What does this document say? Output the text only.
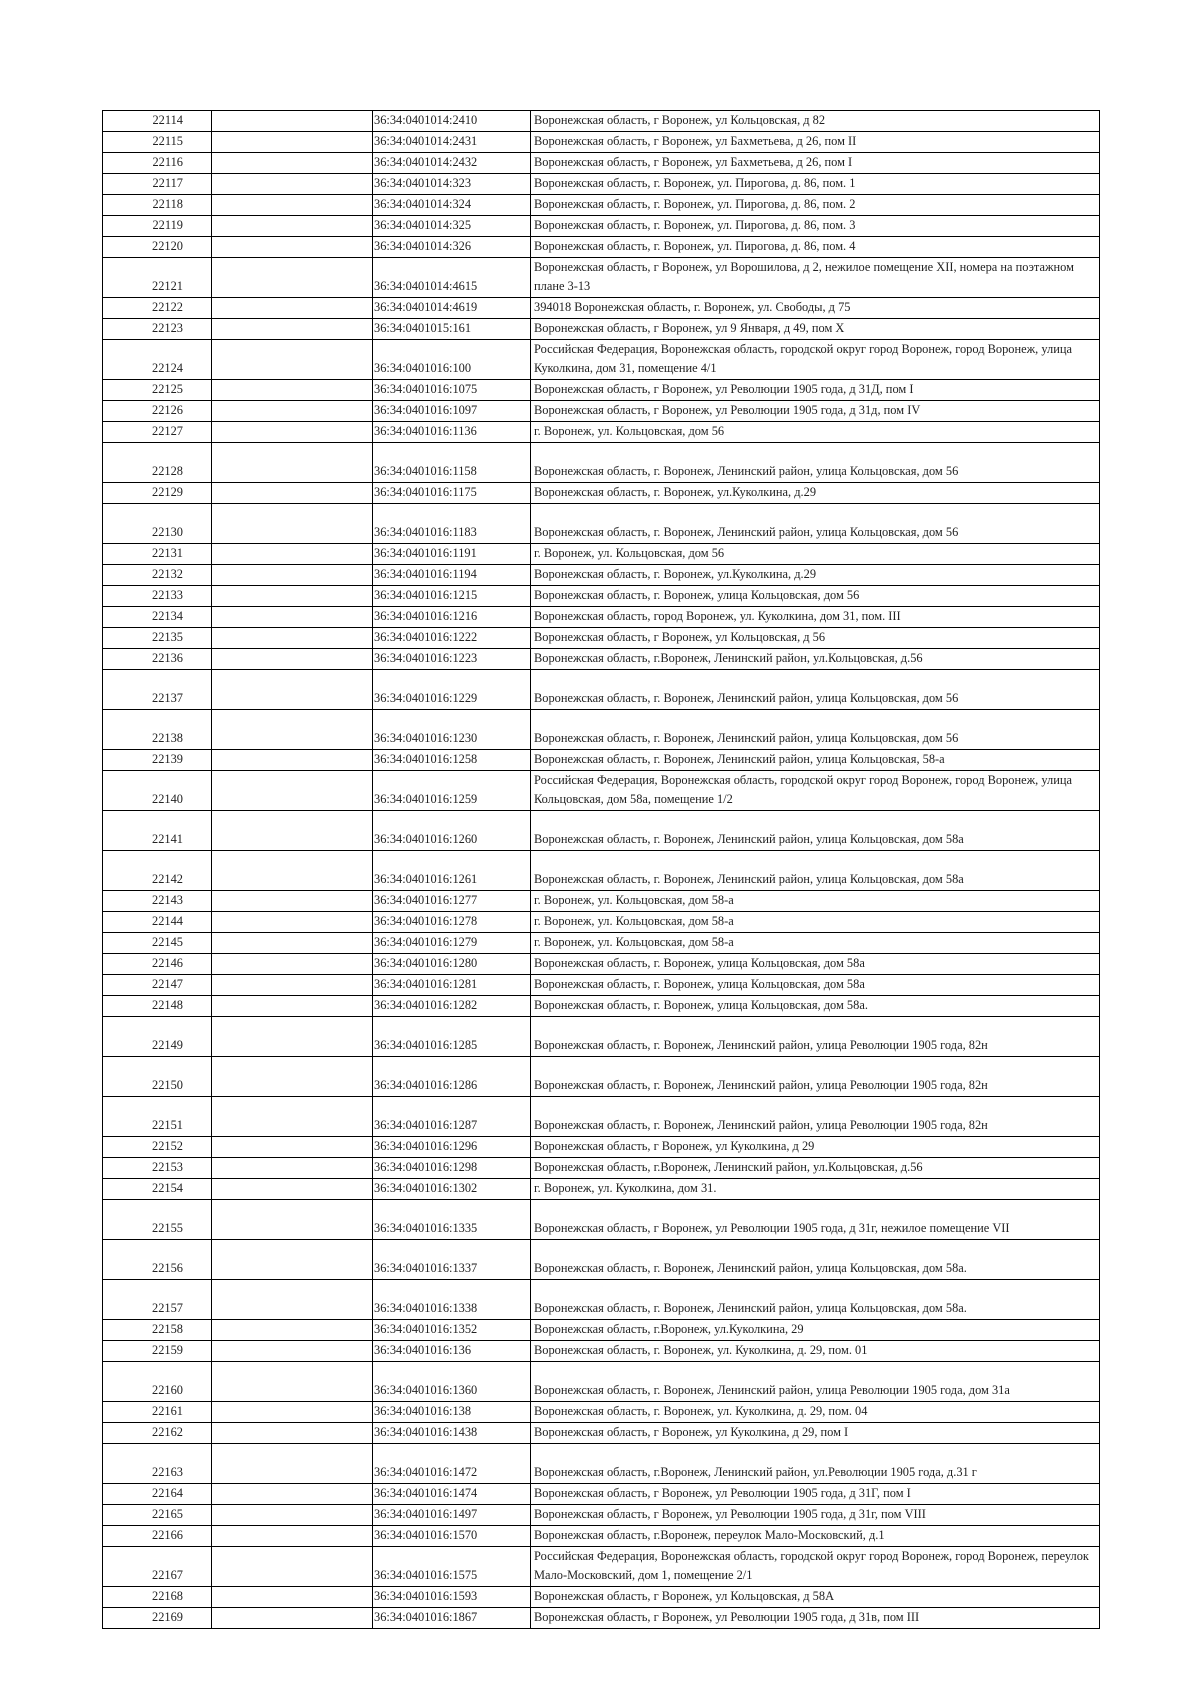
22114		36:34:0401014:2410	Воронежская область, г Воронеж, ул Кольцовская, д 82
22115		36:34:0401014:2431	Воронежская область, г Воронеж, ул Бахметьева, д 26, пом II
22116		36:34:0401014:2432	Воронежская область, г Воронеж, ул Бахметьева, д 26, пом I
22117		36:34:0401014:323	Воронежская область, г. Воронеж, ул. Пирогова, д. 86, пом. 1
22118		36:34:0401014:324	Воронежская область, г. Воронеж, ул. Пирогова, д. 86, пом. 2
22119		36:34:0401014:325	Воронежская область, г. Воронеж, ул. Пирогова, д. 86, пом. 3
22120		36:34:0401014:326	Воронежская область, г. Воронеж, ул. Пирогова, д. 86, пом. 4
22121		36:34:0401014:4615	Воронежская область, г Воронеж, ул Ворошилова, д 2, нежилое помещение XII, номера на поэтажном плане 3-13
22122		36:34:0401014:4619	394018 Воронежская область, г. Воронеж, ул. Свободы, д 75
22123		36:34:0401015:161	Воронежская область, г Воронеж, ул 9 Января, д 49, пом X
22124		36:34:0401016:100	Российская Федерация, Воронежская область, городской округ город Воронеж, город Воронеж, улица Куколкина, дом 31, помещение 4/1
22125		36:34:0401016:1075	Воронежская область, г Воронеж, ул Революции 1905 года, д 31Д, пом I
22126		36:34:0401016:1097	Воронежская область, г Воронеж, ул Революции 1905 года, д 31д, пом IV
22127		36:34:0401016:1136	г. Воронеж, ул. Кольцовская, дом 56
22128		36:34:0401016:1158	Воронежская область, г. Воронеж, Ленинский район, улица Кольцовская, дом 56
22129		36:34:0401016:1175	Воронежская область, г. Воронеж, ул.Куколкина, д.29
22130		36:34:0401016:1183	Воронежская область, г. Воронеж, Ленинский район, улица Кольцовская, дом 56
22131		36:34:0401016:1191	г. Воронеж, ул. Кольцовская, дом 56
22132		36:34:0401016:1194	Воронежская область, г. Воронеж, ул.Куколкина, д.29
22133		36:34:0401016:1215	Воронежская область, г. Воронеж, улица Кольцовская, дом 56
22134		36:34:0401016:1216	Воронежская область, город Воронеж, ул. Куколкина, дом 31, пом. III
22135		36:34:0401016:1222	Воронежская область, г Воронеж, ул Кольцовская, д 56
22136		36:34:0401016:1223	Воронежская область, г.Воронеж, Ленинский район, ул.Кольцовская, д.56
22137		36:34:0401016:1229	Воронежская область, г. Воронеж, Ленинский район, улица Кольцовская, дом 56
22138		36:34:0401016:1230	Воронежская область, г. Воронеж, Ленинский район, улица Кольцовская, дом 56
22139		36:34:0401016:1258	Воронежская область, г. Воронеж, Ленинский район, улица Кольцовская, 58-а
22140		36:34:0401016:1259	Российская Федерация, Воронежская область, городской округ город Воронеж, город Воронеж, улица Кольцовская, дом 58а, помещение 1/2
22141		36:34:0401016:1260	Воронежская область, г. Воронеж, Ленинский район, улица Кольцовская, дом 58а
22142		36:34:0401016:1261	Воронежская область, г. Воронеж, Ленинский район, улица Кольцовская, дом 58а
22143		36:34:0401016:1277	г. Воронеж, ул. Кольцовская, дом 58-а
22144		36:34:0401016:1278	г. Воронеж, ул. Кольцовская, дом 58-а
22145		36:34:0401016:1279	г. Воронеж, ул. Кольцовская, дом 58-а
22146		36:34:0401016:1280	Воронежская область, г. Воронеж, улица Кольцовская, дом 58а
22147		36:34:0401016:1281	Воронежская область, г. Воронеж, улица Кольцовская, дом 58а
22148		36:34:0401016:1282	Воронежская область, г. Воронеж, улица Кольцовская, дом 58а.
22149		36:34:0401016:1285	Воронежская область, г. Воронеж, Ленинский район, улица Революции 1905 года, 82н
22150		36:34:0401016:1286	Воронежская область, г. Воронеж, Ленинский район, улица Революции 1905 года, 82н
22151		36:34:0401016:1287	Воронежская область, г. Воронеж, Ленинский район, улица Революции 1905 года, 82н
22152		36:34:0401016:1296	Воронежская область, г Воронеж, ул Куколкина, д 29
22153		36:34:0401016:1298	Воронежская область, г.Воронеж, Ленинский район, ул.Кольцовская, д.56
22154		36:34:0401016:1302	г. Воронеж, ул. Куколкина, дом 31.
22155		36:34:0401016:1335	Воронежская область, г Воронеж, ул Революции 1905 года, д 31г, нежилое помещение VII
22156		36:34:0401016:1337	Воронежская область, г. Воронеж, Ленинский район, улица Кольцовская, дом 58а.
22157		36:34:0401016:1338	Воронежская область, г. Воронеж, Ленинский район, улица Кольцовская, дом 58а.
22158		36:34:0401016:1352	Воронежская область, г.Воронеж, ул.Куколкина, 29
22159		36:34:0401016:136	Воронежская область, г. Воронеж, ул. Куколкина, д. 29, пом. 01
22160		36:34:0401016:1360	Воронежская область, г. Воронеж, Ленинский район, улица Революции 1905 года, дом 31а
22161		36:34:0401016:138	Воронежская область, г. Воронеж, ул. Куколкина, д. 29, пом. 04
22162		36:34:0401016:1438	Воронежская область, г Воронеж, ул Куколкина, д 29, пом I
22163		36:34:0401016:1472	Воронежская область, г.Воронеж, Ленинский район, ул.Революции 1905 года, д.31 г
22164		36:34:0401016:1474	Воронежская область, г Воронеж, ул Революции 1905 года, д 31Г, пом I
22165		36:34:0401016:1497	Воронежская область, г Воронеж, ул Революции 1905 года, д 31г, пом VIII
22166		36:34:0401016:1570	Воронежская область, г.Воронеж, переулок Мало-Московский, д.1
22167		36:34:0401016:1575	Российская Федерация, Воронежская область, городской округ город Воронеж, город Воронеж, переулок Мало-Московский, дом 1, помещение 2/1
22168		36:34:0401016:1593	Воронежская область, г Воронеж, ул Кольцовская, д 58А
22169		36:34:0401016:1867	Воронежская область, г Воронеж, ул Революции 1905 года, д 31в, пом III
